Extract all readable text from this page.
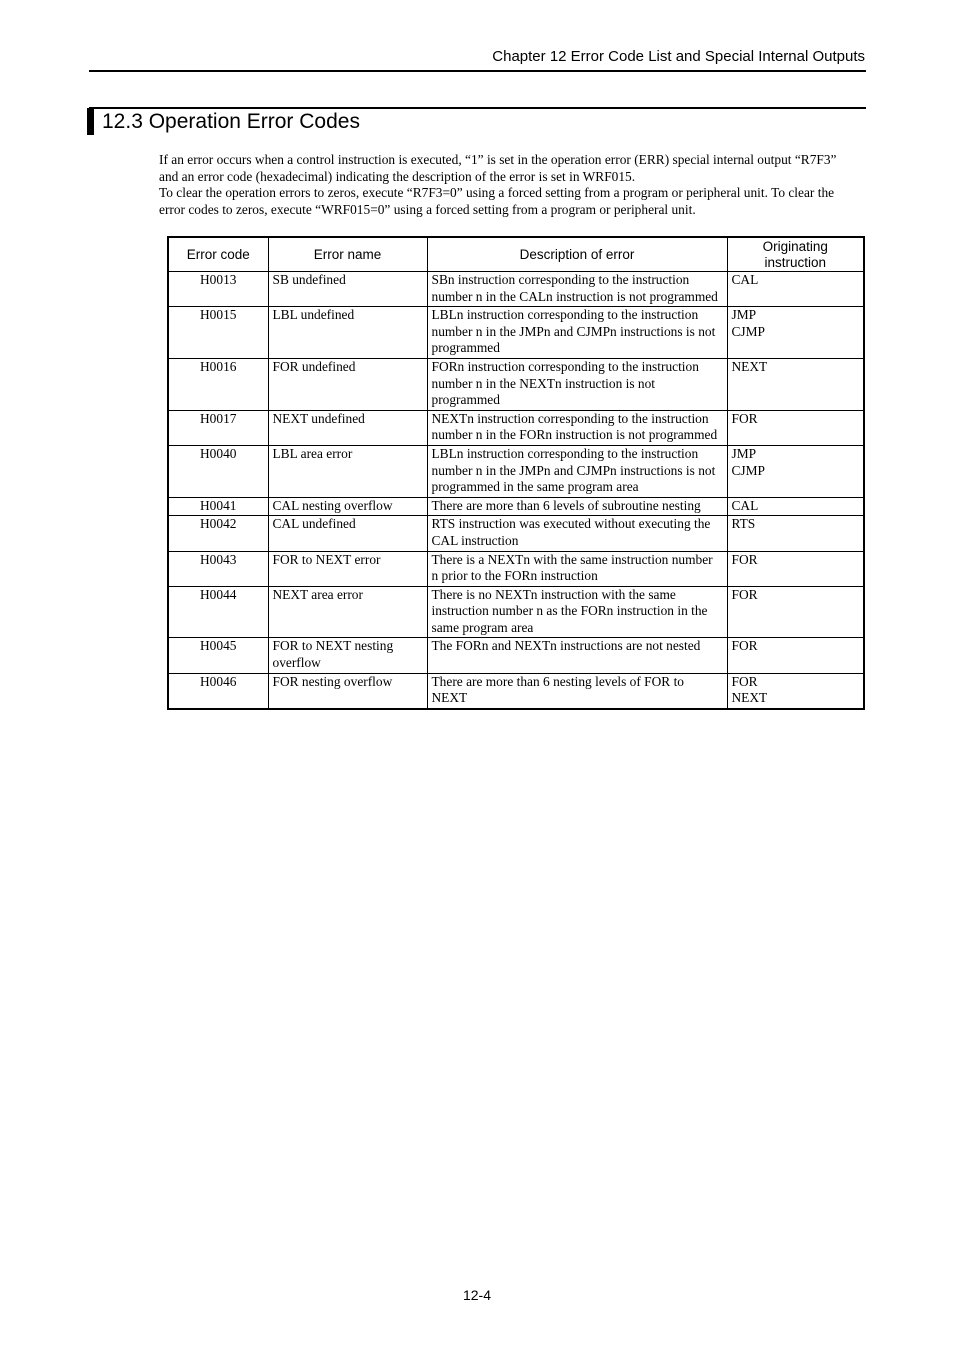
Chapter 12 Error Code List and Special Internal Outputs
12.3 Operation Error Codes

If an error occurs when a control instruction is executed, “1” is set in the operation error (ERR) special internal output “R7F3” and an error code (hexadecimal) indicating the description of the error is set in WRF015.

To clear the operation errors to zeros, execute “R7F3=0” using a forced setting from a program or peripheral unit. To clear the error codes to zeros, execute “WRF015=0” using a forced setting from a program or peripheral unit.

Error code	Error name	Description of error	Originating instruction
H0013	SB undefined	SBn instruction corresponding to the instruction number n in the CALn instruction is not programmed	CAL
H0015	LBL undefined	LBLn instruction corresponding to the instruction number n in the JMPn and CJMPn instructions is not programmed	JMP
CJMP
H0016	FOR undefined	FORn instruction corresponding to the instruction number n in the NEXTn instruction is not programmed	NEXT
H0017	NEXT undefined	NEXTn instruction corresponding to the instruction number n in the FORn instruction is not programmed	FOR
H0040	LBL area error	LBLn instruction corresponding to the instruction number n in the JMPn and CJMPn instructions is not programmed in the same program area	JMP
CJMP
H0041	CAL nesting overflow	There are more than 6 levels of subroutine nesting	CAL
H0042	CAL undefined	RTS instruction was executed without executing the CAL instruction	RTS
H0043	FOR to NEXT error	There is a NEXTn with the same instruction number n prior to the FORn instruction	FOR
H0044	NEXT area error	There is no NEXTn instruction with the same instruction number n as the FORn instruction in the same program area	FOR
H0045	FOR to NEXT nesting overflow	The FORn and NEXTn instructions are not nested	FOR
H0046	FOR nesting overflow	There are more than 6 nesting levels of FOR to NEXT	FOR
NEXT
12-4
